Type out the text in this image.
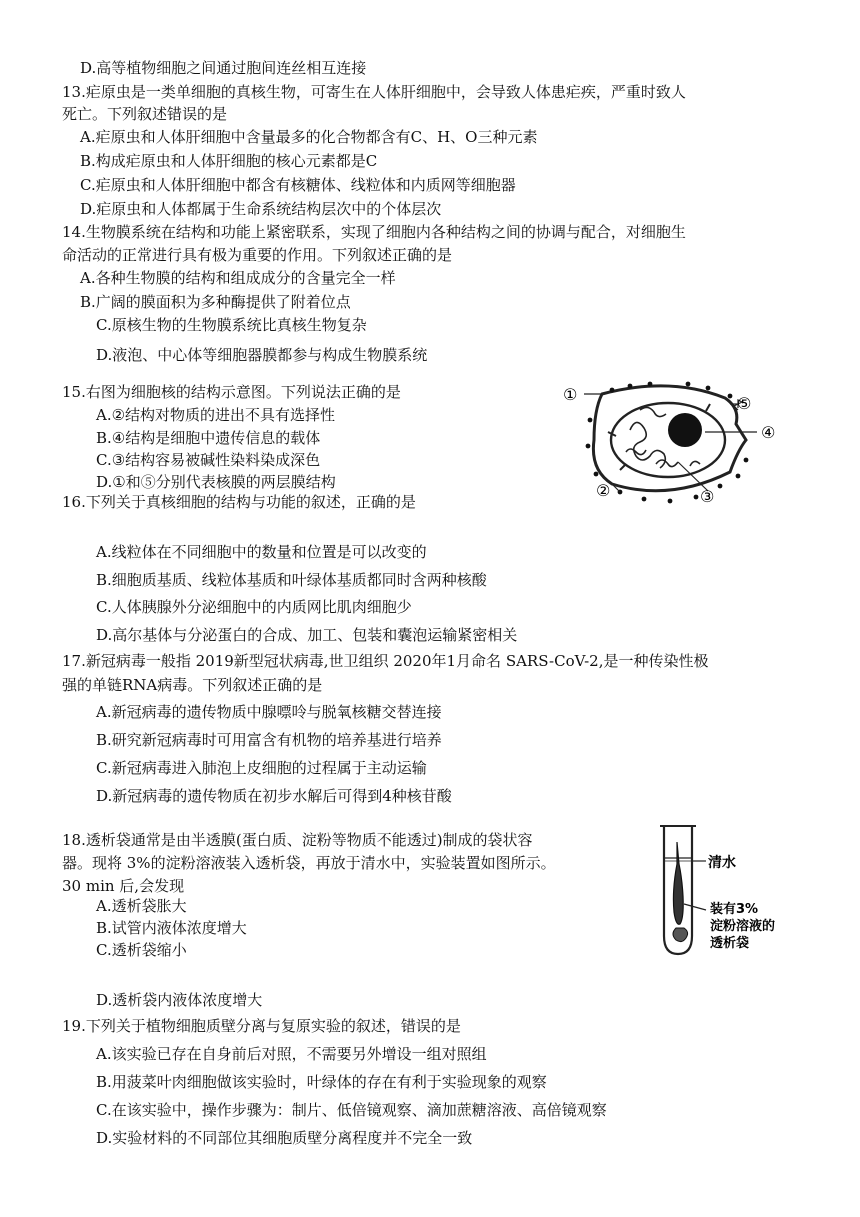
D.高等植物细胞之间通过胞间连丝相互连接
13.疟原虫是一类单细胞的真核生物，可寄生在人体肝细胞中，会导致人体患疟疾，严重时致人
死亡。下列叙述错误的是
A.疟原虫和人体肝细胞中含量最多的化合物都含有C、H、O三种元素
B.构成疟原虫和人体肝细胞的核心元素都是C
C.疟原虫和人体肝细胞中都含有核糖体、线粒体和内质网等细胞器
D.疟原虫和人体都属于生命系统结构层次中的个体层次
14.生物膜系统在结构和功能上紧密联系，实现了细胞内各种结构之间的协调与配合，对细胞生
命活动的正常进行具有极为重要的作用。下列叙述正确的是
A.各种生物膜的结构和组成成分的含量完全一样
B.广阔的膜面积为多种酶提供了附着位点
C.原核生物的生物膜系统比真核生物复杂
D.液泡、中心体等细胞器膜都参与构成生物膜系统
15.右图为细胞核的结构示意图。下列说法正确的是
A.②结构对物质的进出不具有选择性
B.④结构是细胞中遗传信息的载体
C.③结构容易被碱性染料染成深色
D.①和⑤分别代表核膜的两层膜结构
①
②	③
④
⑤
16.下列关于真核细胞的结构与功能的叙述，正确的是
A.线粒体在不同细胞中的数量和位置是可以改变的
B.细胞质基质、线粒体基质和叶绿体基质都同时含两种核酸
C.人体胰腺外分泌细胞中的内质网比肌肉细胞少
D.高尔基体与分泌蛋白的合成、加工、包装和囊泡运输紧密相关
17.新冠病毒一般指 2019新型冠状病毒,世卫组织 2020年1月命名 SARS-CoV-2,是一种传染性极
强的单链RNA病毒。下列叙述正确的是
A.新冠病毒的遗传物质中腺嘌呤与脱氧核糖交替连接
B.研究新冠病毒时可用富含有机物的培养基进行培养
C.新冠病毒进入肺泡上皮细胞的过程属于主动运输
D.新冠病毒的遗传物质在初步水解后可得到4种核苷酸
18.透析袋通常是由半透膜(蛋白质、淀粉等物质不能透过)制成的袋状容
器。现将 3%的淀粉溶液装入透析袋，再放于清水中，实验装置如图所示。
30 min 后,会发现
A.透析袋胀大
B.试管内液体浓度增大
C.透析袋缩小
D.透析袋内液体浓度增大
清水
装有3%
淀粉溶液的
透析袋
19.下列关于植物细胞质壁分离与复原实验的叙述，错误的是
A.该实验已存在自身前后对照，不需要另外增设一组对照组
B.用菠菜叶肉细胞做该实验时，叶绿体的存在有利于实验现象的观察
C.在该实验中，操作步骤为：制片、低倍镜观察、滴加蔗糖溶液、高倍镜观察
D.实验材料的不同部位其细胞质壁分离程度并不完全一致
